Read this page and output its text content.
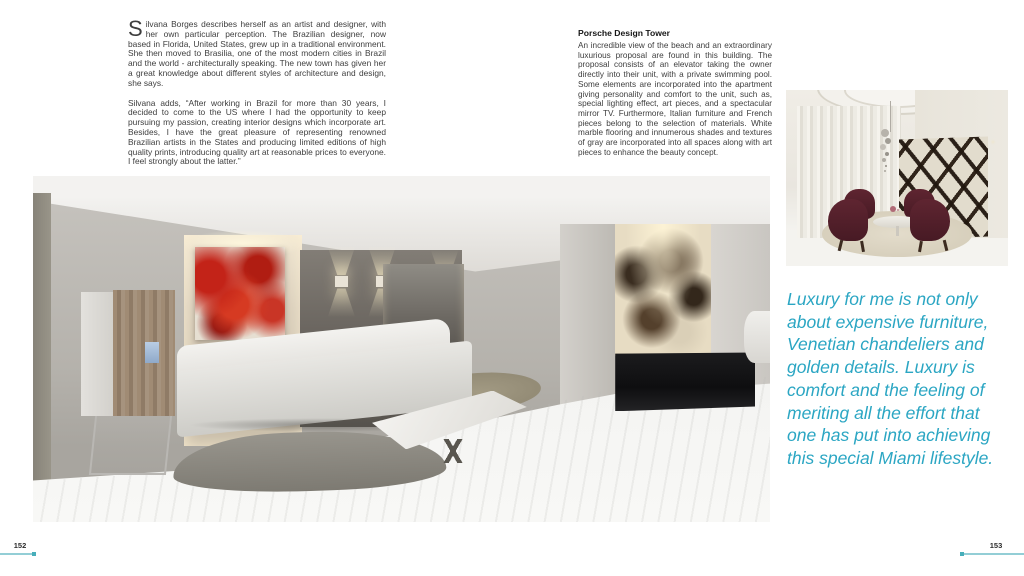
Silvana Borges describes herself as an artist and designer, with her own particular perception. The Brazilian designer, now based in Florida, United States, grew up in a traditional environment. She then moved to Brasilia, one of the most modern cities in Brazil and the world - architecturally speaking. The new town has given her a great knowledge about different styles of architecture and design, she says.

Silvana adds, “After working in Brazil for more than 30 years, I decided to come to the US where I had the opportunity to keep pursuing my passion, creating interior designs which incorporate art. Besides, I have the great pleasure of representing renowned Brazilian artists in the States and producing limited editions of high quality prints, introducing quality art at reasonable prices to everyone. I feel strongly about the latter.”

Porsche Design Tower

An incredible view of the beach and an extraordinary luxurious proposal are found in this building. The proposal consists of an elevator taking the owner directly into their unit, with a private swimming pool. Some elements are incorporated into the apartment giving personality and comfort to the unit, such as, special lighting effect, art pieces, and a spectacular mirror TV. Furthermore, Italian furniture and French pieces belong to the selection of materials. White marble flooring and innumerous shades and textures of gray are incorporated into all spaces along with art pieces to enhance the beauty concept.

Luxury for me is not only
about expensive furniture,
Venetian chandeliers and
golden details. Luxury is
comfort and the feeling of
meriting all the effort that
one has put into achieving
this special Miami lifestyle.
152	153
